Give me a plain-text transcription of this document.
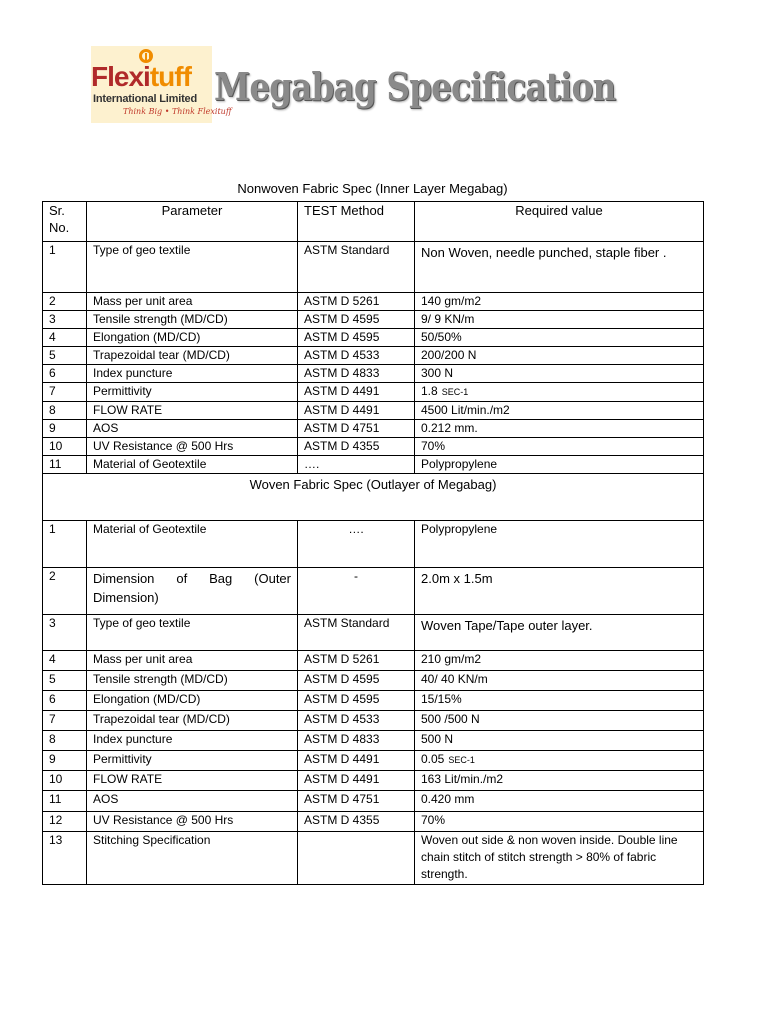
Flexituff
International Limited
Think Big • Think Flexituff
Megabag Specification
Nonwoven Fabric Spec (Inner Layer Megabag)
Sr. No.	Parameter	TEST Method	Required value
1	Type of geo textile	ASTM Standard	Non Woven, needle punched, staple fiber .
2	Mass per unit area	ASTM D 5261	140 gm/m2
3	Tensile strength (MD/CD)	ASTM D 4595	9/ 9 KN/m
4	Elongation (MD/CD)	ASTM D 4595	50/50%
5	Trapezoidal tear (MD/CD)	ASTM D 4533	200/200 N
6	Index puncture	ASTM D 4833	300 N
7	Permittivity	ASTM D 4491	1.8 SEC-1
8	FLOW RATE	ASTM D 4491	4500 Lit/min./m2
9	AOS	ASTM D 4751	0.212 mm.
10	UV Resistance @ 500 Hrs	ASTM D 4355	70%
11	Material of Geotextile	….	Polypropylene
Woven Fabric Spec (Outlayer of Megabag)			
1	Material of Geotextile	….	Polypropylene
2	Dimension of Bag (Outer Dimension)	-	2.0m x 1.5m
3	Type of geo textile	ASTM Standard	Woven Tape/Tape outer layer.
4	Mass per unit area	ASTM D 5261	210 gm/m2
5	Tensile strength (MD/CD)	ASTM D 4595	40/ 40 KN/m
6	Elongation (MD/CD)	ASTM D 4595	15/15%
7	Trapezoidal tear (MD/CD)	ASTM D 4533	500 /500 N
8	Index puncture	ASTM D 4833	500 N
9	Permittivity	ASTM D 4491	0.05 SEC-1
10	FLOW RATE	ASTM D 4491	163 Lit/min./m2
11	AOS	ASTM D 4751	0.420 mm
12	UV Resistance @ 500 Hrs	ASTM D 4355	70%
13	Stitching Specification		Woven out side & non woven inside. Double line chain stitch of stitch strength > 80% of fabric strength.
